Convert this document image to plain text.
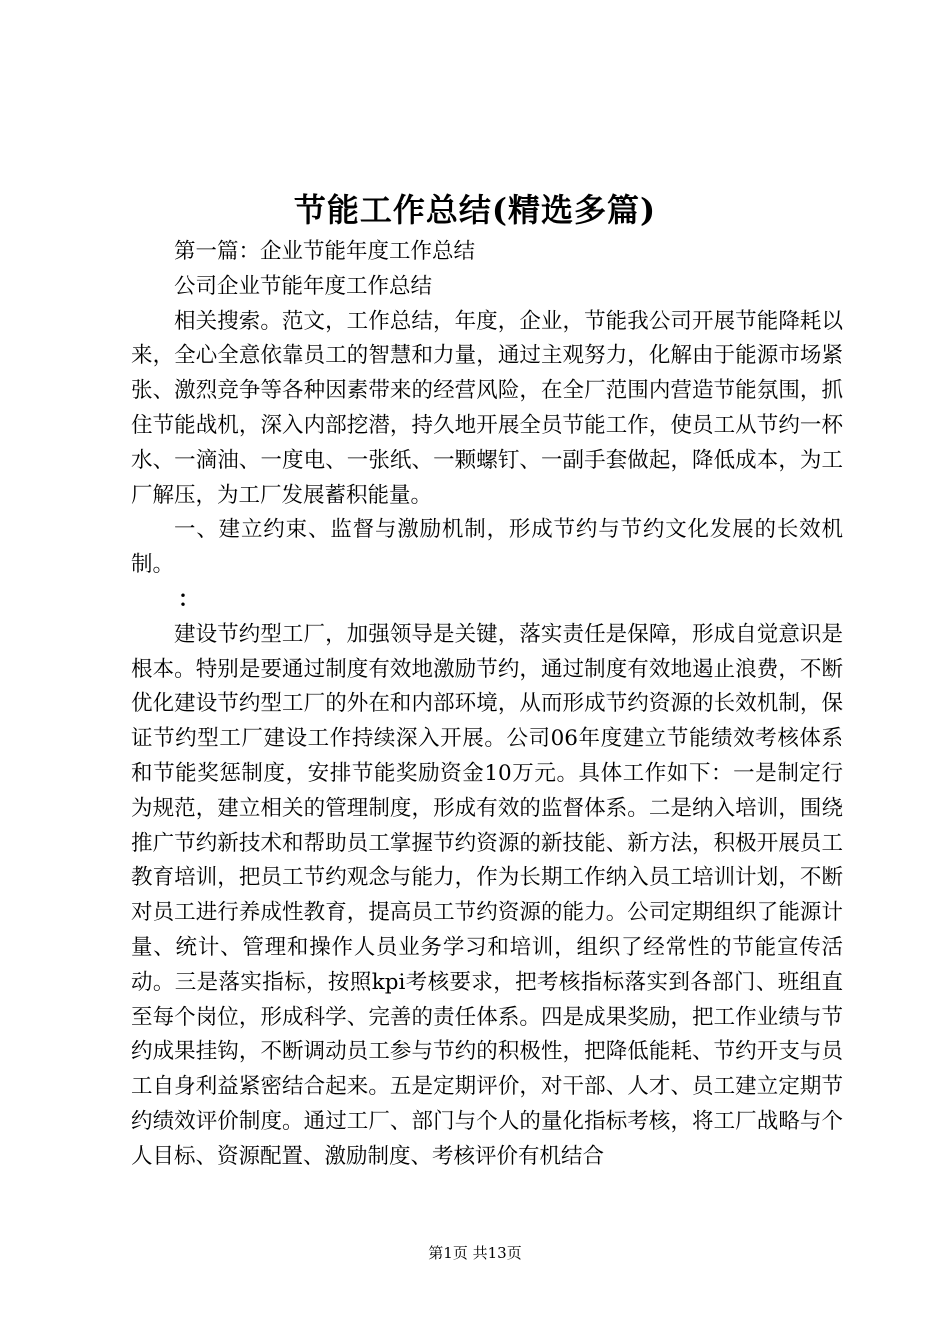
节能工作总结(精选多篇)

第一篇：企业节能年度工作总结

公司企业节能年度工作总结

相关搜索。范文，工作总结，年度，企业，节能我公司开展节能降耗以来，全心全意依靠员工的智慧和力量，通过主观努力，化解由于能源市场紧张、激烈竞争等各种因素带来的经营风险，在全厂范围内营造节能氛围，抓住节能战机，深入内部挖潜，持久地开展全员节能工作，使员工从节约一杯水、一滴油、一度电、一张纸、一颗螺钉、一副手套做起，降低成本，为工厂解压，为工厂发展蓄积能量。

一、建立约束、监督与激励机制，形成节约与节约文化发展的长效机制。

：

建设节约型工厂，加强领导是关键，落实责任是保障，形成自觉意识是根本。特别是要通过制度有效地激励节约，通过制度有效地遏止浪费，不断优化建设节约型工厂的外在和内部环境，从而形成节约资源的长效机制，保证节约型工厂建设工作持续深入开展。公司06年度建立节能绩效考核体系和节能奖惩制度，安排节能奖励资金10万元。具体工作如下：一是制定行为规范，建立相关的管理制度，形成有效的监督体系。二是纳入培训，围绕推广节约新技术和帮助员工掌握节约资源的新技能、新方法，积极开展员工教育培训，把员工节约观念与能力，作为长期工作纳入员工培训计划，不断对员工进行养成性教育，提高员工节约资源的能力。公司定期组织了能源计量、统计、管理和操作人员业务学习和培训，组织了经常性的节能宣传活动。三是落实指标，按照kpi考核要求，把考核指标落实到各部门、班组直至每个岗位，形成科学、完善的责任体系。四是成果奖励，把工作业绩与节约成果挂钩，不断调动员工参与节约的积极性，把降低能耗、节约开支与员工自身利益紧密结合起来。五是定期评价，对干部、人才、员工建立定期节约绩效评价制度。通过工厂、部门与个人的量化指标考核，将工厂战略与个人目标、资源配置、激励制度、考核评价有机结合

第1页 共13页
